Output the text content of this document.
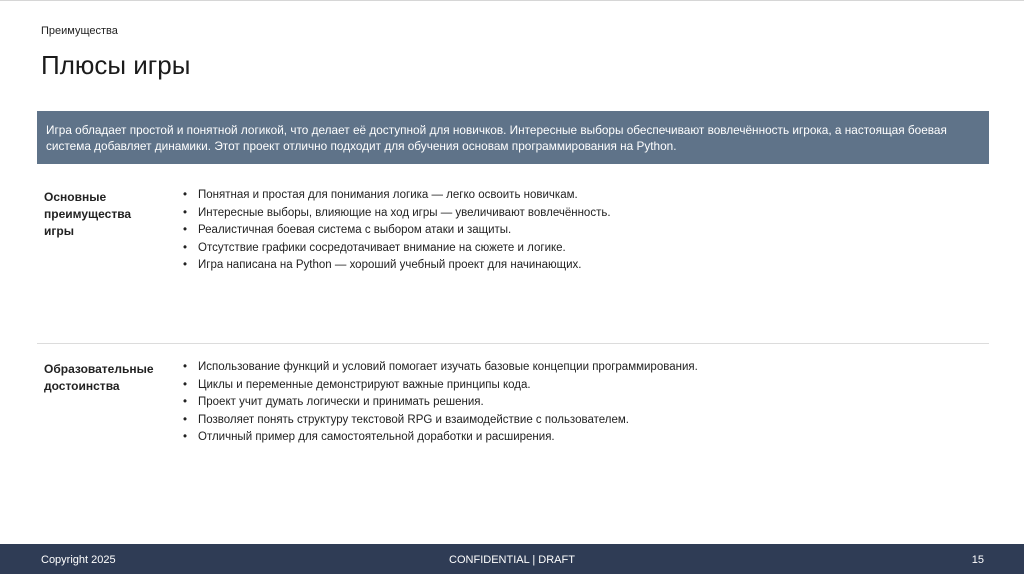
Преимущества
Плюсы игры
Игра обладает простой и понятной логикой, что делает её доступной для новичков. Интересные выборы обеспечивают вовлечённость игрока, а настоящая боевая система добавляет динамики. Этот проект отлично подходит для обучения основам программирования на Python.
Основные преимущества игры
• Понятная и простая для понимания логика — легко освоить новичкам.
• Интересные выборы, влияющие на ход игры — увеличивают вовлечённость.
• Реалистичная боевая система с выбором атаки и защиты.
• Отсутствие графики сосредотачивает внимание на сюжете и логике.
• Игра написана на Python — хороший учебный проект для начинающих.
Образовательные достоинства
• Использование функций и условий помогает изучать базовые концепции программирования.
• Циклы и переменные демонстрируют важные принципы кода.
• Проект учит думать логически и принимать решения.
• Позволяет понять структуру текстовой RPG и взаимодействие с пользователем.
• Отличный пример для самостоятельной доработки и расширения.
Copyright 2025	CONFIDENTIAL | DRAFT	15
